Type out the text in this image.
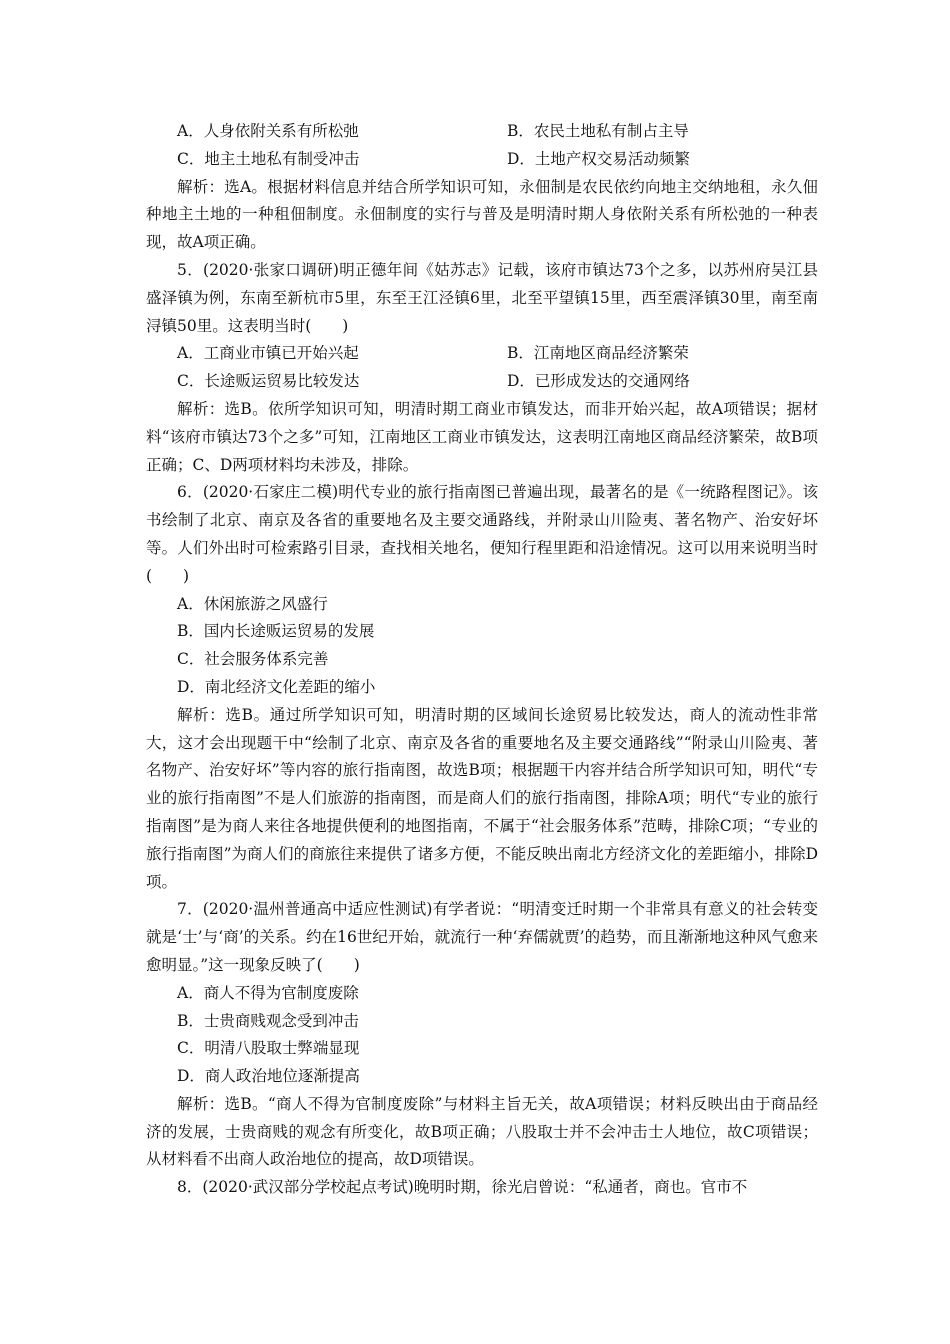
A．人身依附关系有所松弛	B．农民土地私有制占主导
C．地主土地私有制受冲击	D．土地产权交易活动频繁

解析：选A。根据材料信息并结合所学知识可知，永佃制是农民依约向地主交纳地租，永久佃种地主土地的一种租佃制度。永佃制度的实行与普及是明清时期人身依附关系有所松弛的一种表现，故A项正确。

5．(2020·张家口调研)明正德年间《姑苏志》记载，该府市镇达73个之多，以苏州府吴江县盛泽镇为例，东南至新杭市5里，东至王江泾镇6里，北至平望镇15里，西至震泽镇30里，南至南浔镇50里。这表明当时(　　)

A．工商业市镇已开始兴起	B．江南地区商品经济繁荣
C．长途贩运贸易比较发达	D．已形成发达的交通网络

解析：选B。依所学知识可知，明清时期工商业市镇发达，而非开始兴起，故A项错误；据材料“该府市镇达73个之多”可知，江南地区工商业市镇发达，这表明江南地区商品经济繁荣，故B项正确；C、D两项材料均未涉及，排除。

6．(2020·石家庄二模)明代专业的旅行指南图已普遍出现，最著名的是《一统路程图记》。该书绘制了北京、南京及各省的重要地名及主要交通路线，并附录山川险夷、著名物产、治安好坏等。人们外出时可检索路引目录，查找相关地名，便知行程里距和沿途情况。这可以用来说明当时(　　)

A．休闲旅游之风盛行
B．国内长途贩运贸易的发展
C．社会服务体系完善
D．南北经济文化差距的缩小

解析：选B。通过所学知识可知，明清时期的区域间长途贸易比较发达，商人的流动性非常大，这才会出现题干中“绘制了北京、南京及各省的重要地名及主要交通路线”“附录山川险夷、著名物产、治安好坏”等内容的旅行指南图，故选B项；根据题干内容并结合所学知识可知，明代“专业的旅行指南图”不是人们旅游的指南图，而是商人们的旅行指南图，排除A项；明代“专业的旅行指南图”是为商人来往各地提供便利的地图指南，不属于“社会服务体系”范畴，排除C项；“专业的旅行指南图”为商人们的商旅往来提供了诸多方便，不能反映出南北方经济文化的差距缩小，排除D项。

7．(2020·温州普通高中适应性测试)有学者说：“明清变迁时期一个非常具有意义的社会转变就是‘士’与‘商’的关系。约在16世纪开始，就流行一种‘弃儒就贾’的趋势，而且渐渐地这种风气愈来愈明显。”这一现象反映了(　　)

A．商人不得为官制度废除
B．士贵商贱观念受到冲击
C．明清八股取士弊端显现
D．商人政治地位逐渐提高

解析：选B。“商人不得为官制度废除”与材料主旨无关，故A项错误；材料反映出由于商品经济的发展，士贵商贱的观念有所变化，故B项正确；八股取士并不会冲击士人地位，故C项错误；从材料看不出商人政治地位的提高，故D项错误。

8．(2020·武汉部分学校起点考试)晚明时期，徐光启曾说：“私通者，商也。官市不
